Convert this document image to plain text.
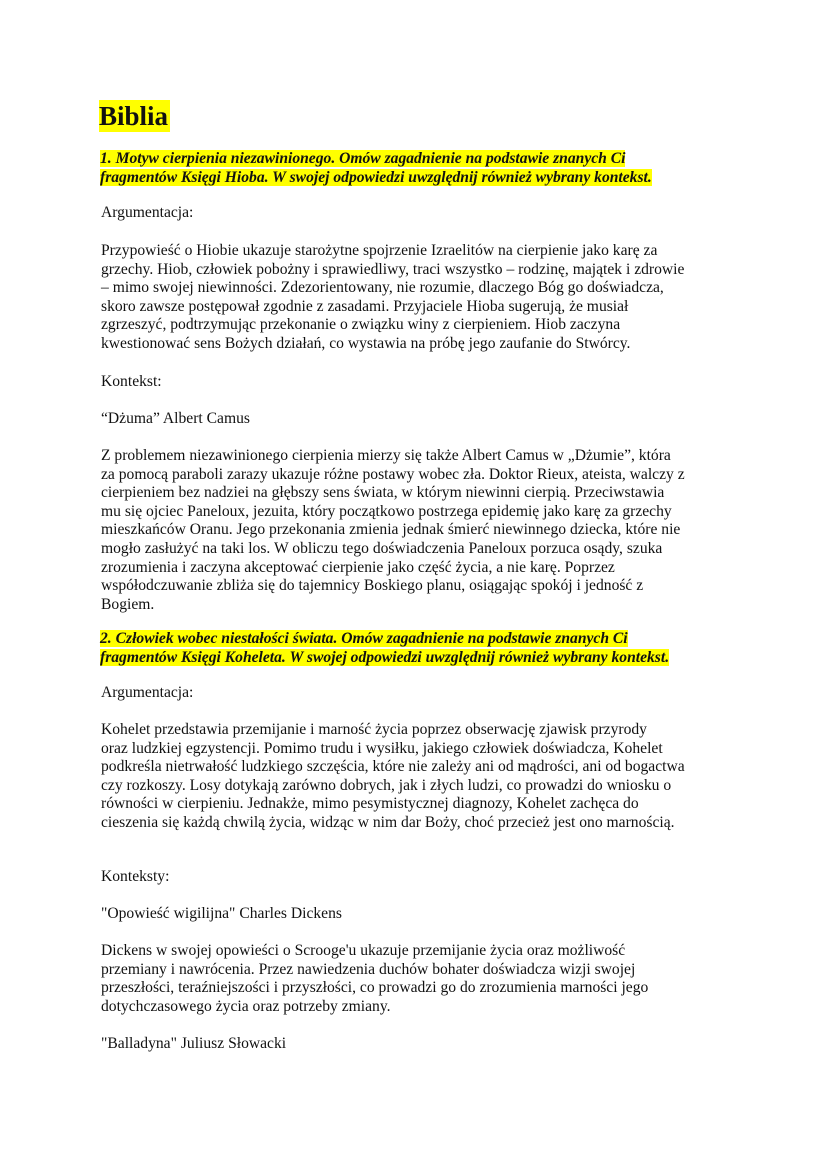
Biblia
1. Motyw cierpienia niezawinionego. Omów zagadnienie na podstawie znanych Ci
fragmentów Księgi Hioba. W swojej odpowiedzi uwzględnij również wybrany kontekst.
Argumentacja:
Przypowieść o Hiobie ukazuje starożytne spojrzenie Izraelitów na cierpienie jako karę za
grzechy. Hiob, człowiek pobożny i sprawiedliwy, traci wszystko – rodzinę, majątek i zdrowie
– mimo swojej niewinności. Zdezorientowany, nie rozumie, dlaczego Bóg go doświadcza,
skoro zawsze postępował zgodnie z zasadami. Przyjaciele Hioba sugerują, że musiał
zgrzeszyć, podtrzymując przekonanie o związku winy z cierpieniem. Hiob zaczyna
kwestionować sens Bożych działań, co wystawia na próbę jego zaufanie do Stwórcy.
Kontekst:
“Dżuma” Albert Camus
Z problemem niezawinionego cierpienia mierzy się także Albert Camus w „Dżumie”, która
za pomocą paraboli zarazy ukazuje różne postawy wobec zła. Doktor Rieux, ateista, walczy z
cierpieniem bez nadziei na głębszy sens świata, w którym niewinni cierpią. Przeciwstawia
mu się ojciec Paneloux, jezuita, który początkowo postrzega epidemię jako karę za grzechy
mieszkańców Oranu. Jego przekonania zmienia jednak śmierć niewinnego dziecka, które nie
mogło zasłużyć na taki los. W obliczu tego doświadczenia Paneloux porzuca osądy, szuka
zrozumienia i zaczyna akceptować cierpienie jako część życia, a nie karę. Poprzez
współodczuwanie zbliża się do tajemnicy Boskiego planu, osiągając spokój i jedność z
Bogiem.
2. Człowiek wobec niestałości świata. Omów zagadnienie na podstawie znanych Ci
fragmentów Księgi Koheleta. W swojej odpowiedzi uwzględnij również wybrany kontekst.
Argumentacja:
Kohelet przedstawia przemijanie i marność życia poprzez obserwację zjawisk przyrody
oraz ludzkiej egzystencji. Pomimo trudu i wysiłku, jakiego człowiek doświadcza, Kohelet
podkreśla nietrwałość ludzkiego szczęścia, które nie zależy ani od mądrości, ani od bogactwa
czy rozkoszy. Losy dotykają zarówno dobrych, jak i złych ludzi, co prowadzi do wniosku o
równości w cierpieniu. Jednakże, mimo pesymistycznej diagnozy, Kohelet zachęca do
cieszenia się każdą chwilą życia, widząc w nim dar Boży, choć przecież jest ono marnością.
Konteksty:
"Opowieść wigilijna" Charles Dickens
Dickens w swojej opowieści o Scrooge'u ukazuje przemijanie życia oraz możliwość
przemiany i nawrócenia. Przez nawiedzenia duchów bohater doświadcza wizji swojej
przeszłości, teraźniejszości i przyszłości, co prowadzi go do zrozumienia marności jego
dotychczasowego życia oraz potrzeby zmiany.
"Balladyna" Juliusz Słowacki
